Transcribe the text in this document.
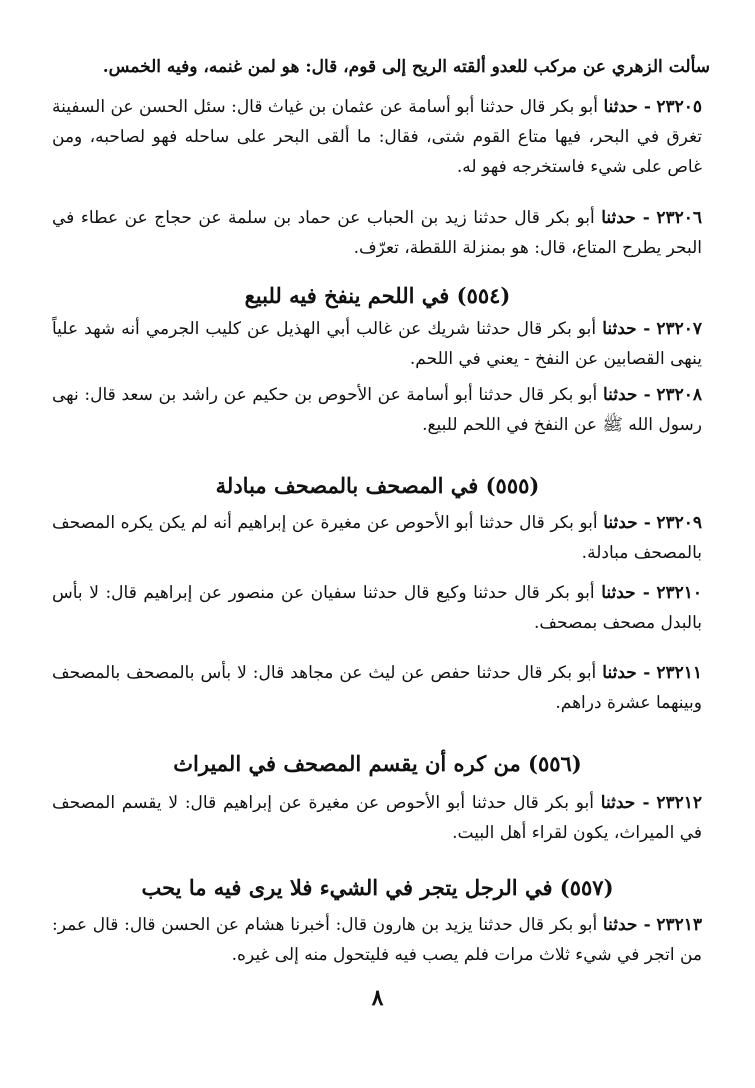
سألت الزهري عن مركب للعدو ألقته الريح إلى قوم، قال: هو لمن غنمه، وفيه الخمس.
٢٣٢٠٥ - حدثنا أبو بكر قال حدثنا أبو أسامة عن عثمان بن غياث قال: سئل الحسن عن السفينة تغرق في البحر، فيها متاع القوم شتى، فقال: ما ألقى البحر على ساحله فهو لصاحبه، ومن غاص على شيء فاستخرجه فهو له.
٢٣٢٠٦ - حدثنا أبو بكر قال حدثنا زيد بن الحباب عن حماد بن سلمة عن حجاج عن عطاء في البحر يطرح المتاع، قال: هو بمنزلة اللقطة، تعرّف.
(٥٥٤) في اللحم ينفخ فيه للبيع
٢٣٢٠٧ - حدثنا أبو بكر قال حدثنا شريك عن غالب أبي الهذيل عن كليب الجرمي أنه شهد علياً ينهى القصابين عن النفخ - يعني في اللحم.
٢٣٢٠٨ - حدثنا أبو بكر قال حدثنا أبو أسامة عن الأحوص بن حكيم عن راشد بن سعد قال: نهى رسول الله ﷺ عن النفخ في اللحم للبيع.
(٥٥٥) في المصحف بالمصحف مبادلة
٢٣٢٠٩ - حدثنا أبو بكر قال حدثنا أبو الأحوص عن مغيرة عن إبراهيم أنه لم يكن يكره المصحف بالمصحف مبادلة.
٢٣٢١٠ - حدثنا أبو بكر قال حدثنا وكيع قال حدثنا سفيان عن منصور عن إبراهيم قال: لا بأس بالبدل مصحف بمصحف.
٢٣٢١١ - حدثنا أبو بكر قال حدثنا حفص عن ليث عن مجاهد قال: لا بأس بالمصحف بالمصحف وبينهما عشرة دراهم.
(٥٥٦) من كره أن يقسم المصحف في الميراث
٢٣٢١٢ - حدثنا أبو بكر قال حدثنا أبو الأحوص عن مغيرة عن إبراهيم قال: لا يقسم المصحف في الميراث، يكون لقراء أهل البيت.
(٥٥٧) في الرجل يتجر في الشيء فلا يرى فيه ما يحب
٢٣٢١٣ - حدثنا أبو بكر قال حدثنا يزيد بن هارون قال: أخبرنا هشام عن الحسن قال: قال عمر: من اتجر في شيء ثلاث مرات فلم يصب فيه فليتحول منه إلى غيره.
٨
